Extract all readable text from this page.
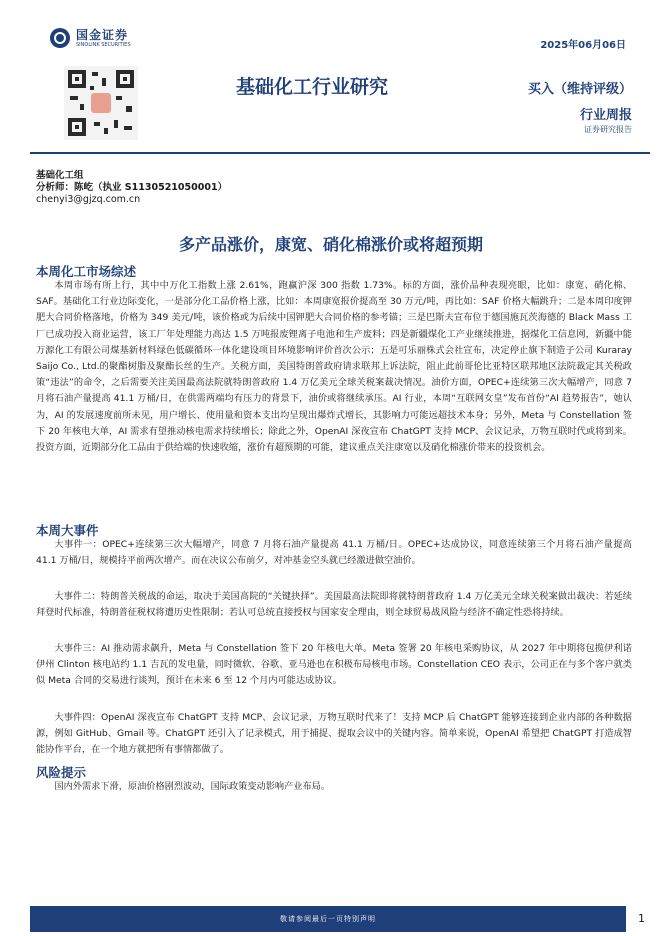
国金证券
SINOLINK SECURITIES	2025年06月06日
基础化工行业研究	买入（维持评级）
行业周报
证券研究报告
基础化工组
分析师：陈屹（执业 S1130521050001）
chenyi3@gjzq.com.cn
多产品涨价，康宽、硝化棉涨价或将超预期
本周化工市场综述
本周市场有所上行，其中中万化工指数上涨 2.61%，跑赢沪深 300 指数 1.73%。标的方面，涨价品种表现亮眼，比如：康宽、硝化棉、SAF。基础化工行业边际变化，一是部分化工品价格上涨，比如：本周康宽报价提高至 30 万元/吨，再比如：SAF 价格大幅跳升；二是本周印度钾肥大合同价格落地，价格为 349 美元/吨，该价格或为后续中国钾肥大合同价格的参考锚；三是巴斯夫宣布位于德国施瓦茨海德的 Black Mass 工厂已成功投入商业运营，该工厂年处理能力高达 1.5 万吨报废锂离子电池和生产废料；四是新疆煤化工产业继续推进，据煤化工信息网，新疆中能万源化工有限公司煤基新材料绿色低碳循环一体化建设项目环境影响评价首次公示；五是可乐丽株式会社宣布，决定停止旗下制造子公司 Kuraray Saijo Co., Ltd.的聚酯树脂及聚酯长丝的生产。关税方面，美国特朗普政府请求联邦上诉法院，阻止此前哥伦比亚特区联邦地区法院裁定其关税政策“违法”的命令，之后需要关注美国最高法院就特朗普政府 1.4 万亿美元全球关税案裁决情况。油价方面，OPEC+连续第三次大幅增产，同意 7 月将石油产量提高 41.1 万桶/日，在供需两端均有压力的背景下，油价或将继续承压。AI 行业，本周“互联网女皇”发布首份“AI 趋势报告”，她认为，AI 的发展速度前所未见，用户增长、使用量和资本支出均呈现出爆炸式增长，其影响力可能远超技术本身；另外，Meta 与 Constellation 签下 20 年核电大单，AI 需求有望推动核电需求持续增长；除此之外，OpenAI 深夜宣布 ChatGPT 支持 MCP、会议记录，万物互联时代或将到来。投资方面，近期部分化工品由于供给端的快速收缩，涨价有超预期的可能，建议重点关注康宽以及硝化棉涨价带来的投资机会。
本周大事件
大事件一：OPEC+连续第三次大幅增产，同意 7 月将石油产量提高 41.1 万桶/日。OPEC+达成协议，同意连续第三个月将石油产量提高 41.1 万桶/日，规模持平前两次增产。而在决议公布前夕，对冲基金空头就已经激进做空油价。
大事件二：特朗普关税战的命运，取决于美国高院的“关键抉择”。美国最高法院即将就特朗普政府 1.4 万亿美元全球关税案做出裁决：若延续拜登时代标准，特朗普征税权将遭历史性限制；若认可总统直接授权与国家安全理由，则全球贸易战风险与经济不确定性恐将持续。
大事件三：AI 推动需求飙升，Meta 与 Constellation 签下 20 年核电大单。Meta 签署 20 年核电采购协议，从 2027 年中期将包揽伊利诺伊州 Clinton 核电站约 1.1 吉瓦的发电量，同时微软、谷歌、亚马逊也在积极布局核电市场。Constellation CEO 表示，公司正在与多个客户就类似 Meta 合同的交易进行谈判，预计在未来 6 至 12 个月内可能达成协议。
大事件四：OpenAI 深夜宣布 ChatGPT 支持 MCP、会议记录，万物互联时代来了！支持 MCP 后 ChatGPT 能够连接到企业内部的各种数据源，例如 GitHub、Gmail 等。ChatGPT 还引入了记录模式，用于捕捉、提取会议中的关键内容。简单来说，OpenAI 希望把 ChatGPT 打造成智能协作平台，在一个地方就把所有事情都做了。
风险提示
国内外需求下滑，原油价格剧烈波动，国际政策变动影响产业布局。
敬请参阅最后一页特别声明	1
